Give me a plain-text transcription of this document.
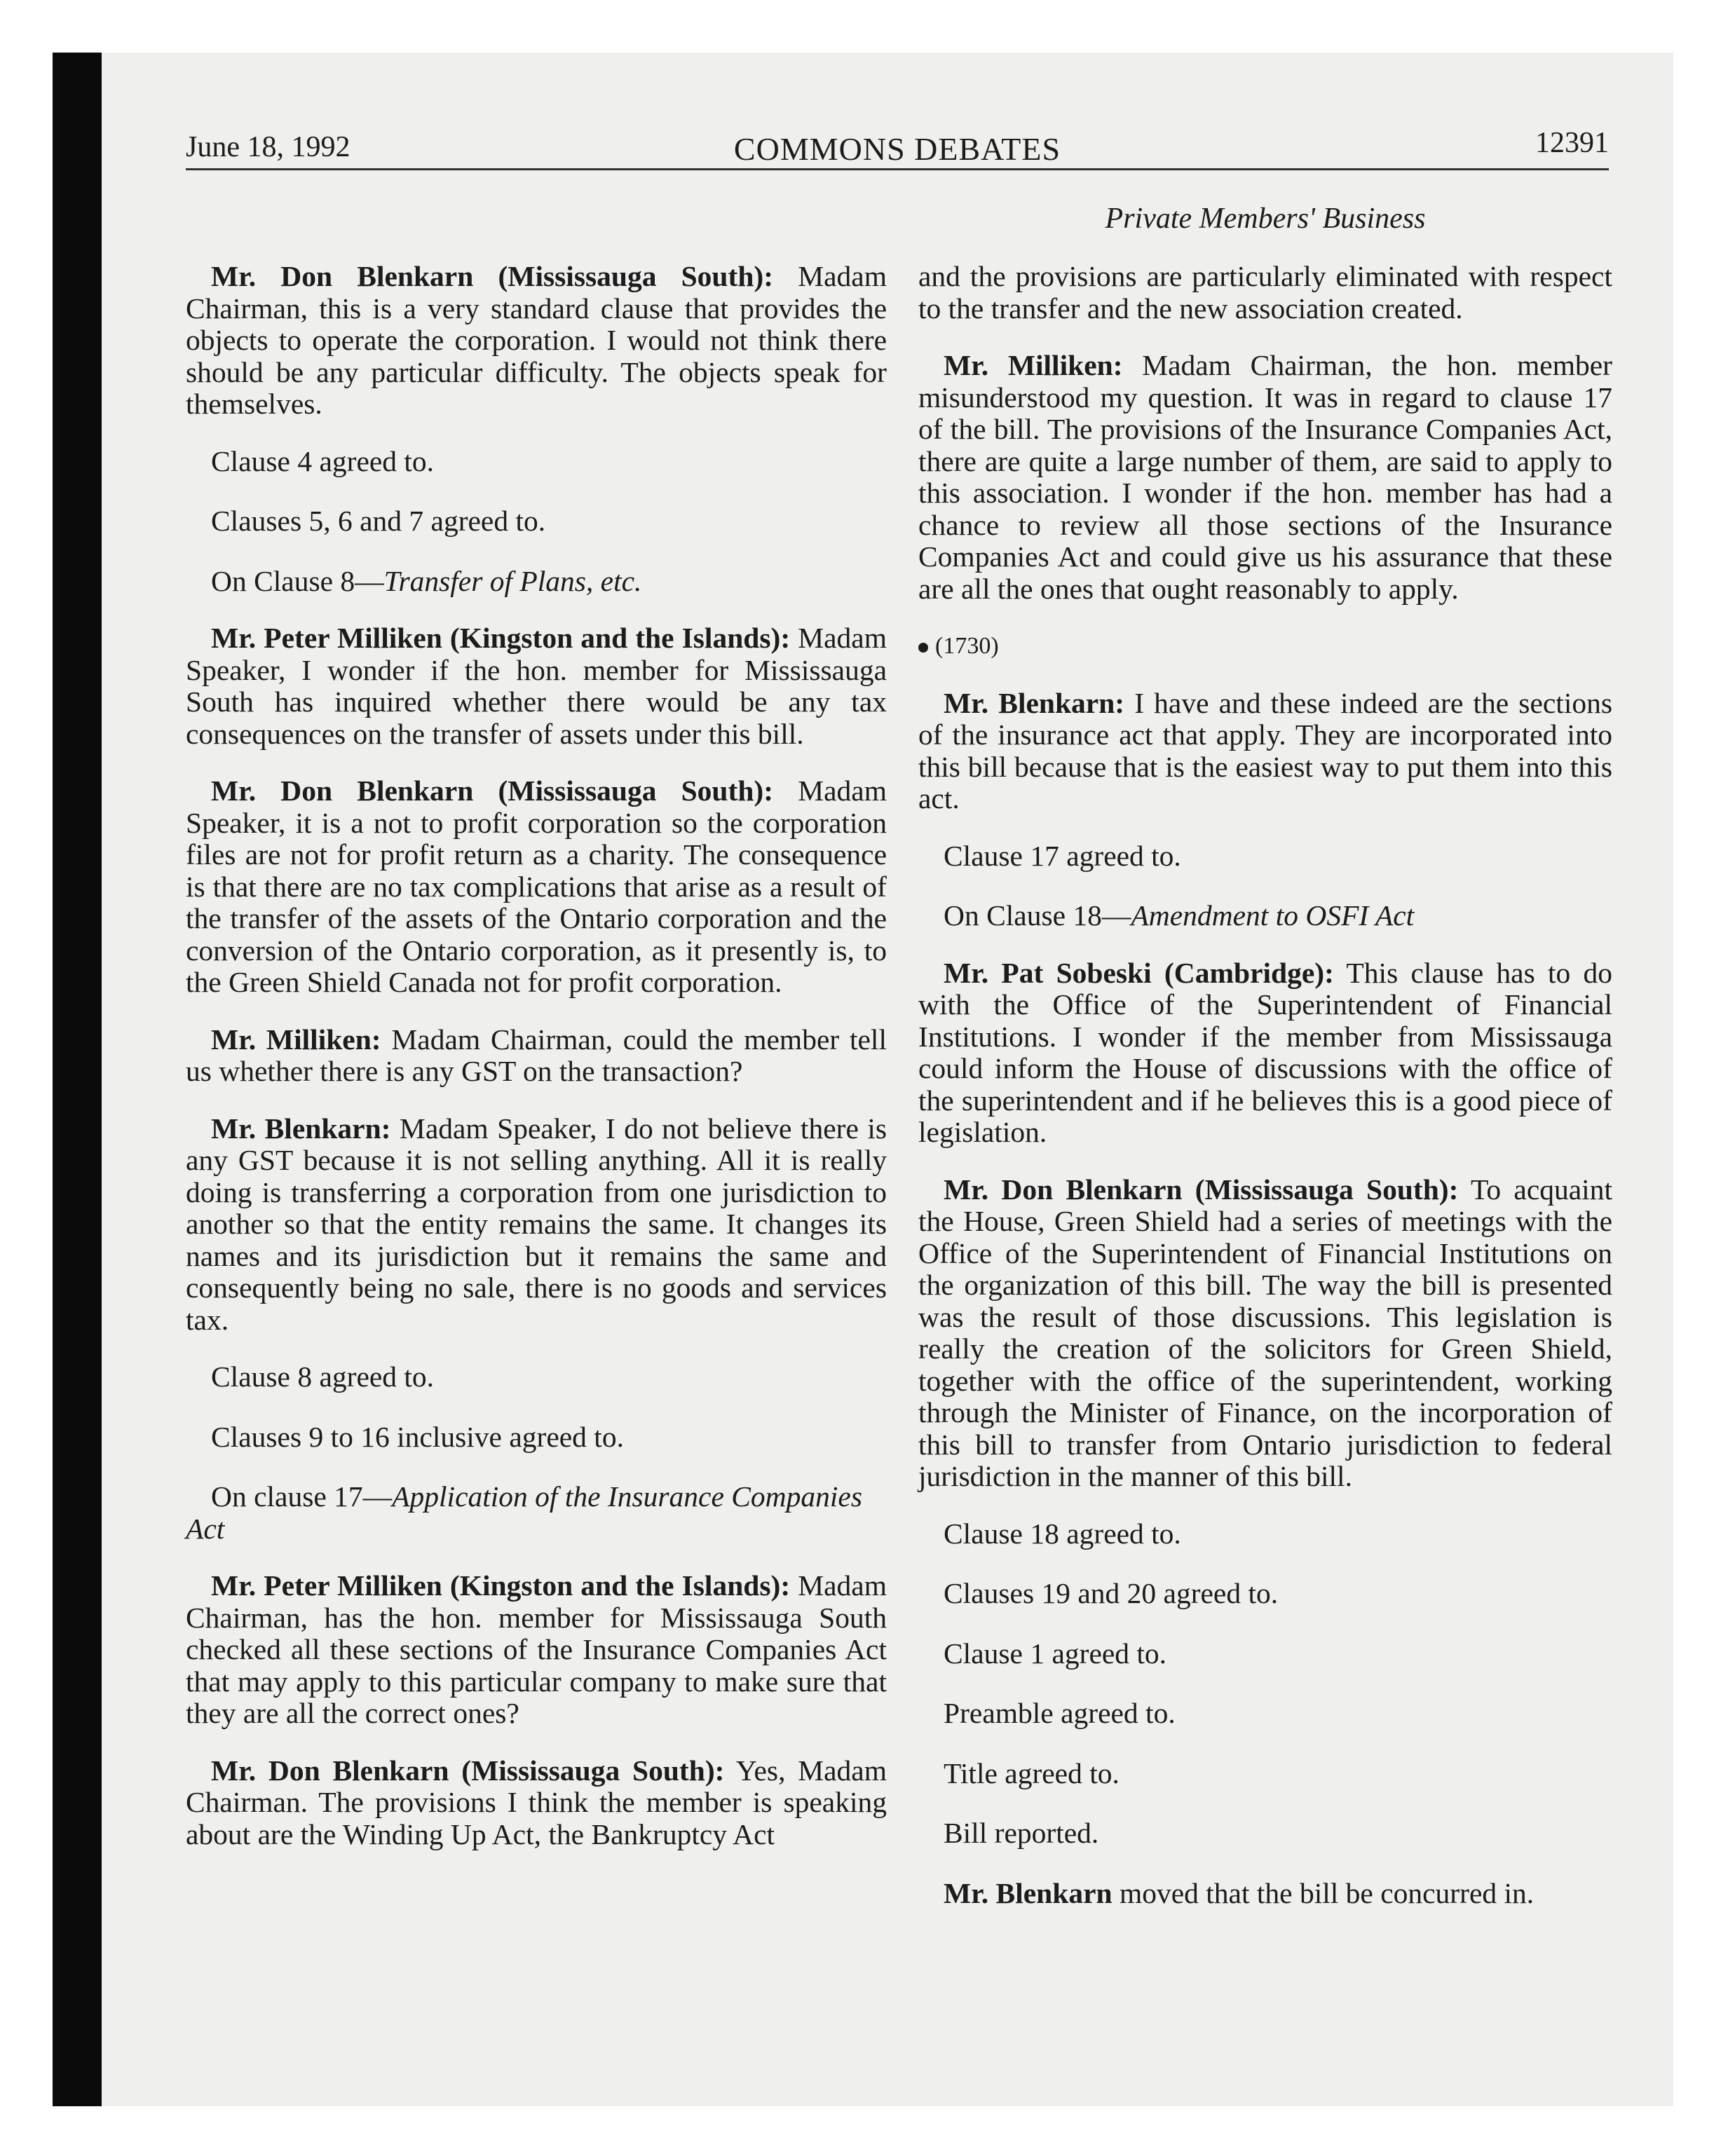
June 18, 1992	COMMONS DEBATES	12391
Private Members' Business

Mr. Don Blenkarn (Mississauga South): Madam Chairman, this is a very standard clause that provides the objects to operate the corporation. I would not think there should be any particular difficulty. The objects speak for themselves.

Clause 4 agreed to.

Clauses 5, 6 and 7 agreed to.

On Clause 8—Transfer of Plans, etc.

Mr. Peter Milliken (Kingston and the Islands): Madam Speaker, I wonder if the hon. member for Mississauga South has inquired whether there would be any tax consequences on the transfer of assets under this bill.

Mr. Don Blenkarn (Mississauga South): Madam Speaker, it is a not to profit corporation so the corporation files are not for profit return as a charity. The consequence is that there are no tax complications that arise as a result of the transfer of the assets of the Ontario corporation and the conversion of the Ontario corporation, as it presently is, to the Green Shield Canada not for profit corporation.

Mr. Milliken: Madam Chairman, could the member tell us whether there is any GST on the transaction?

Mr. Blenkarn: Madam Speaker, I do not believe there is any GST because it is not selling anything. All it is really doing is transferring a corporation from one jurisdiction to another so that the entity remains the same. It changes its names and its jurisdiction but it remains the same and consequently being no sale, there is no goods and services tax.

Clause 8 agreed to.

Clauses 9 to 16 inclusive agreed to.

On clause 17—Application of the Insurance Companies Act

Mr. Peter Milliken (Kingston and the Islands): Madam Chairman, has the hon. member for Mississauga South checked all these sections of the Insurance Companies Act that may apply to this particular company to make sure that they are all the correct ones?

Mr. Don Blenkarn (Mississauga South): Yes, Madam Chairman. The provisions I think the member is speaking about are the Winding Up Act, the Bankruptcy Act

and the provisions are particularly eliminated with respect to the transfer and the new association created.

Mr. Milliken: Madam Chairman, the hon. member misunderstood my question. It was in regard to clause 17 of the bill. The provisions of the Insurance Companies Act, there are quite a large number of them, are said to apply to this association. I wonder if the hon. member has had a chance to review all those sections of the Insurance Companies Act and could give us his assurance that these are all the ones that ought reasonably to apply.

(1730)

Mr. Blenkarn: I have and these indeed are the sections of the insurance act that apply. They are incorporated into this bill because that is the easiest way to put them into this act.

Clause 17 agreed to.

On Clause 18—Amendment to OSFI Act

Mr. Pat Sobeski (Cambridge): This clause has to do with the Office of the Superintendent of Financial Institutions. I wonder if the member from Mississauga could inform the House of discussions with the office of the superintendent and if he believes this is a good piece of legislation.

Mr. Don Blenkarn (Mississauga South): To acquaint the House, Green Shield had a series of meetings with the Office of the Superintendent of Financial Institutions on the organization of this bill. The way the bill is presented was the result of those discussions. This legislation is really the creation of the solicitors for Green Shield, together with the office of the superintendent, working through the Minister of Finance, on the incorporation of this bill to transfer from Ontario jurisdiction to federal jurisdiction in the manner of this bill.

Clause 18 agreed to.

Clauses 19 and 20 agreed to.

Clause 1 agreed to.

Preamble agreed to.

Title agreed to.

Bill reported.

Mr. Blenkarn moved that the bill be concurred in.
